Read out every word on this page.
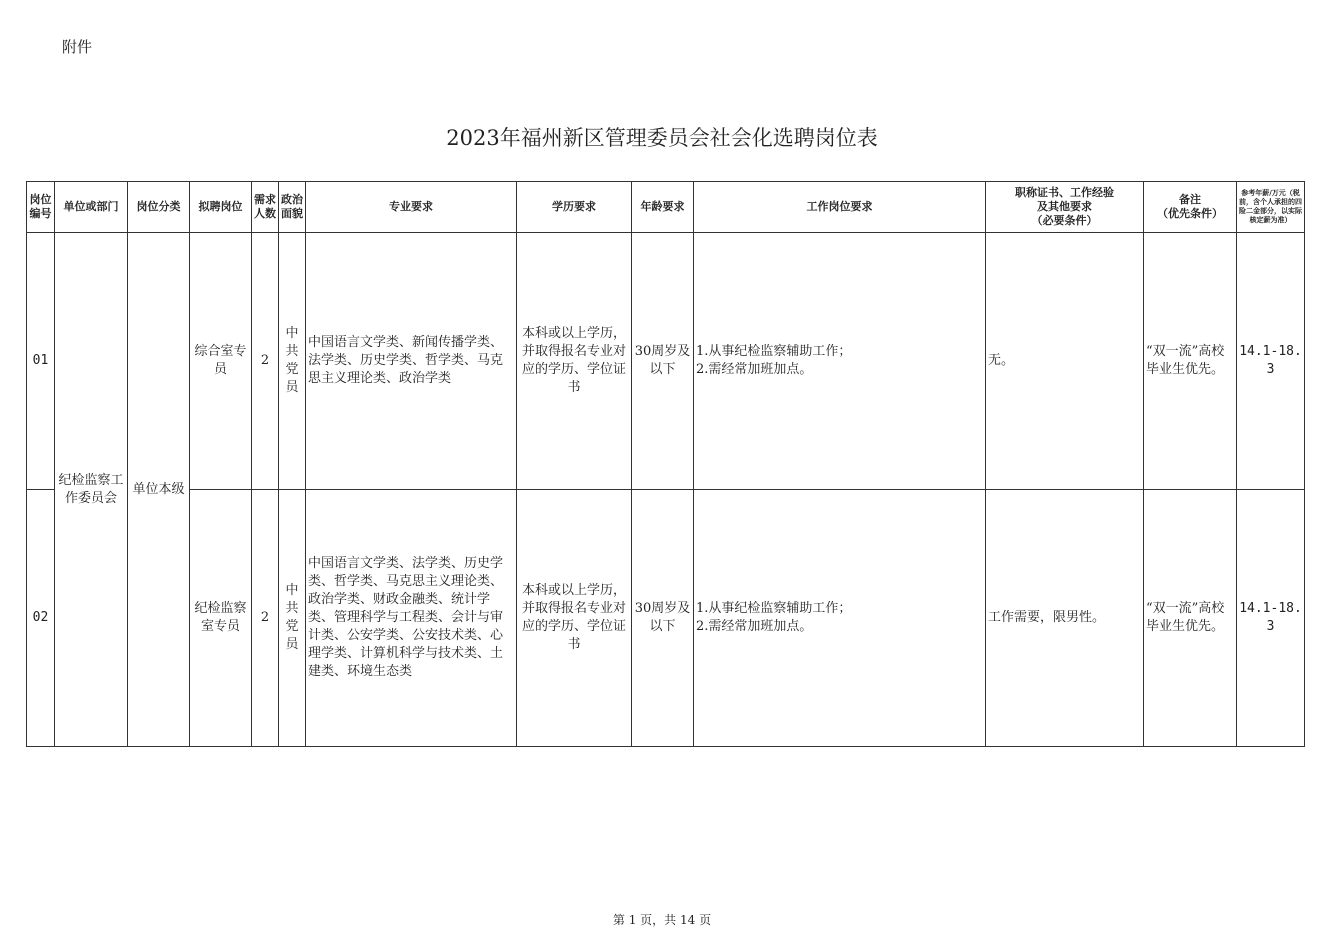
附件
2023年福州新区管理委员会社会化选聘岗位表
岗位编号	单位或部门	岗位分类	拟聘岗位	需求人数	政治面貌	专业要求	学历要求	年龄要求	工作岗位要求	职称证书、工作经验
及其他要求
（必要条件）	备注
（优先条件）	参考年薪/万元（税前，含个人承担的四险二金部分，以实际核定薪为准）
01	纪检监察工作委员会	单位本级	综合室专员	2	中共党员	中国语言文学类、新闻传播学类、法学类、历史学类、哲学类、马克思主义理论类、政治学类	本科或以上学历，并取得报名专业对应的学历、学位证书	30周岁及以下	1.从事纪检监察辅助工作；
2.需经常加班加点。	无。	“双一流”高校毕业生优先。	14.1-18.3
02			纪检监察室专员	2	中共党员	中国语言文学类、法学类、历史学类、哲学类、马克思主义理论类、政治学类、财政金融类、统计学类、管理科学与工程类、会计与审计类、公安学类、公安技术类、心理学类、计算机科学与技术类、土建类、环境生态类	本科或以上学历，并取得报名专业对应的学历、学位证书	30周岁及以下	1.从事纪检监察辅助工作；
2.需经常加班加点。	工作需要，限男性。	“双一流”高校毕业生优先。	14.1-18.3
第 1 页，共 14 页
